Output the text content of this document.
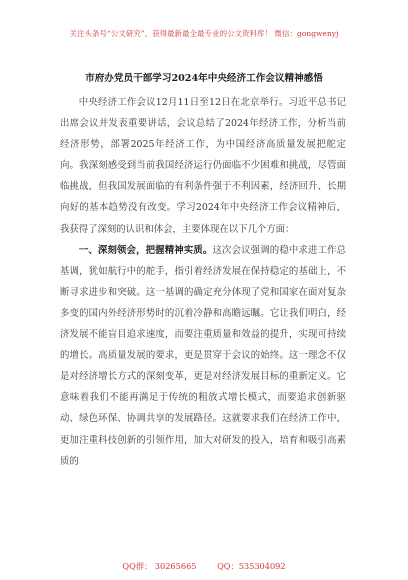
关注头条号“公文研究”，获得最新最全最专业的公文资料库！ 微信：gongwenyj
市府办党员干部学习2024年中央经济工作会议精神感悟

中央经济工作会议12月11日至12日在北京举行。习近平总书记出席会议并发表重要讲话，会议总结了2024年经济工作，分析当前经济形势，部署2025年经济工作，为中国经济高质量发展把舵定向。我深刻感受到当前我国经济运行仍面临不少困难和挑战，尽管面临挑战，但我国发展面临的有利条件强于不利因素，经济回升、长期向好的基本趋势没有改变。学习2024年中央经济工作会议精神后，我获得了深刻的认识和体会，主要体现在以下几个方面：

一、深刻领会，把握精神实质。这次会议强调的稳中求进工作总基调，犹如航行中的舵手，指引着经济发展在保持稳定的基础上，不断寻求进步和突破。这一基调的确定充分体现了党和国家在面对复杂多变的国内外经济形势时的沉着冷静和高瞻远瞩。它让我们明白，经济发展不能盲目追求速度，而要注重质量和效益的提升，实现可持续的增长。高质量发展的要求，更是贯穿于会议的始终。这一理念不仅是对经济增长方式的深刻变革，更是对经济发展目标的重新定义。它意味着我们不能再满足于传统的粗放式增长模式，而要追求创新驱动、绿色环保、协调共享的发展路径。这就要求我们在经济工作中，更加注重科技创新的引领作用，加大对研发的投入，培育和吸引高素质的

QQ群： 30265665	QQ：535304092
